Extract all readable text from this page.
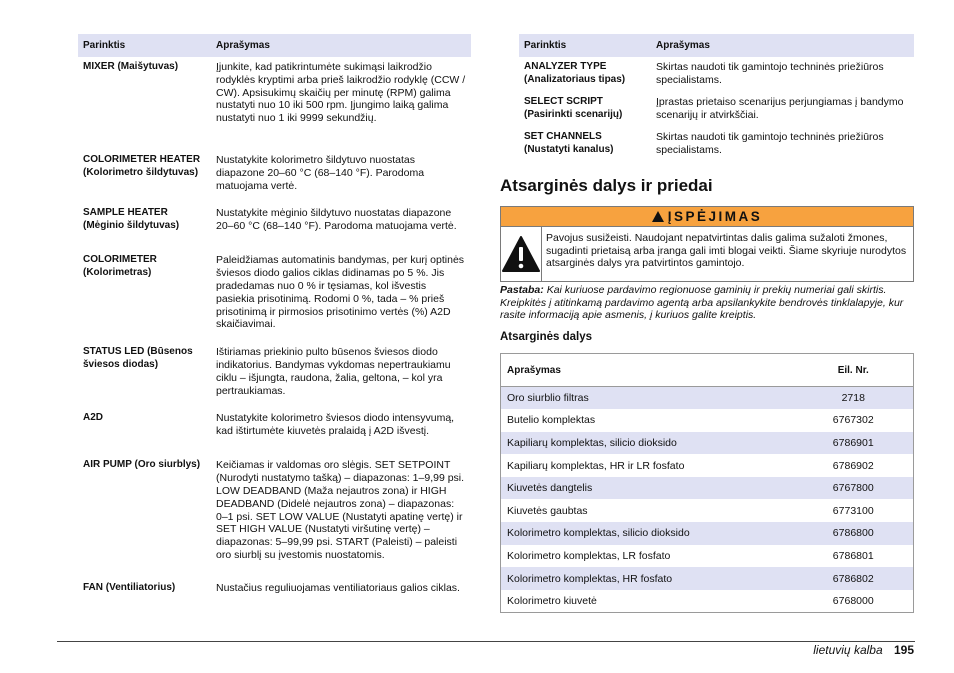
Parinktis	Aprašymas
MIXER (Maišytuvas)	Įjunkite, kad patikrintumėte sukimąsi laikrodžio rodyklės kryptimi arba prieš laikrodžio rodyklę (CCW / CW). Apsisukimų skaičių per minutę (RPM) galima nustatyti nuo 10 iki 500 rpm. Įjungimo laiką galima nustatyti nuo 1 iki 9999 sekundžių.
COLORIMETER HEATER (Kolorimetro šildytuvas)	Nustatykite kolorimetro šildytuvo nuostatas diapazone 20–60 °C (68–140 °F). Parodoma matuojama vertė.
SAMPLE HEATER (Mėginio šildytuvas)	Nustatykite mėginio šildytuvo nuostatas diapazone 20–60 °C (68–140 °F). Parodoma matuojama vertė.
COLORIMETER (Kolorimetras)	Paleidžiamas automatinis bandymas, per kurį optinės šviesos diodo galios ciklas didinamas po 5 %. Jis pradedamas nuo 0 % ir tęsiamas, kol išvestis pasiekia prisotinimą. Rodomi 0 %, tada – % prieš prisotinimą ir pirmosios prisotinimo vertės (%) A2D skaičiavimai.
STATUS LED (Būsenos šviesos diodas)	Ištiriamas priekinio pulto būsenos šviesos diodo indikatorius. Bandymas vykdomas nepertraukiamu ciklu – išjungta, raudona, žalia, geltona, – kol yra pertraukiamas.
A2D	Nustatykite kolorimetro šviesos diodo intensyvumą, kad ištirtumėte kiuvetės pralaidą į A2D išvestį.
AIR PUMP (Oro siurblys)	Keičiamas ir valdomas oro slėgis. SET SETPOINT (Nurodyti nustatymo tašką) – diapazonas: 1–9,99 psi. LOW DEADBAND (Maža nejautros zona) ir HIGH DEADBAND (Didelė nejautros zona) – diapazonas: 0–1 psi. SET LOW VALUE (Nustatyti apatinę vertę) ir SET HIGH VALUE (Nustatyti viršutinę vertę) – diapazonas: 5–99,99 psi. START (Paleisti) – paleisti oro siurblį su įvestomis nuostatomis.
FAN (Ventiliatorius)	Nustačius reguliuojamas ventiliatoriaus galios ciklas.
Parinktis	Aprašymas
ANALYZER TYPE (Analizatoriaus tipas)	Skirtas naudoti tik gamintojo techninės priežiūros specialistams.
SELECT SCRIPT (Pasirinkti scenarijų)	Įprastas prietaiso scenarijus perjungiamas į bandymo scenarijų ir atvirkščiai.
SET CHANNELS (Nustatyti kanalus)	Skirtas naudoti tik gamintojo techninės priežiūros specialistams.
Atsarginės dalys ir priedai
ĮSPĖJIMAS
Pavojus susižeisti. Naudojant nepatvirtintas dalis galima sužaloti žmones, sugadinti prietaisą arba įranga gali imti blogai veikti. Šiame skyriuje nurodytos atsarginės dalys yra patvirtintos gamintojo.
Pastaba: Kai kuriuose pardavimo regionuose gaminių ir prekių numeriai gali skirtis. Kreipkitės į atitinkamą pardavimo agentą arba apsilankykite bendrovės tinklalapyje, kur rasite informaciją apie asmenis, į kuriuos galite kreiptis.
Atsarginės dalys
Aprašymas	Eil. Nr.
Oro siurblio filtras	2718
Butelio komplektas	6767302
Kapiliarų komplektas, silicio dioksido	6786901
Kapiliarų komplektas, HR ir LR fosfato	6786902
Kiuvetės dangtelis	6767800
Kiuvetės gaubtas	6773100
Kolorimetro komplektas, silicio dioksido	6786800
Kolorimetro komplektas, LR fosfato	6786801
Kolorimetro komplektas, HR fosfato	6786802
Kolorimetro kiuvetė	6768000
lietuvių kalba 195
